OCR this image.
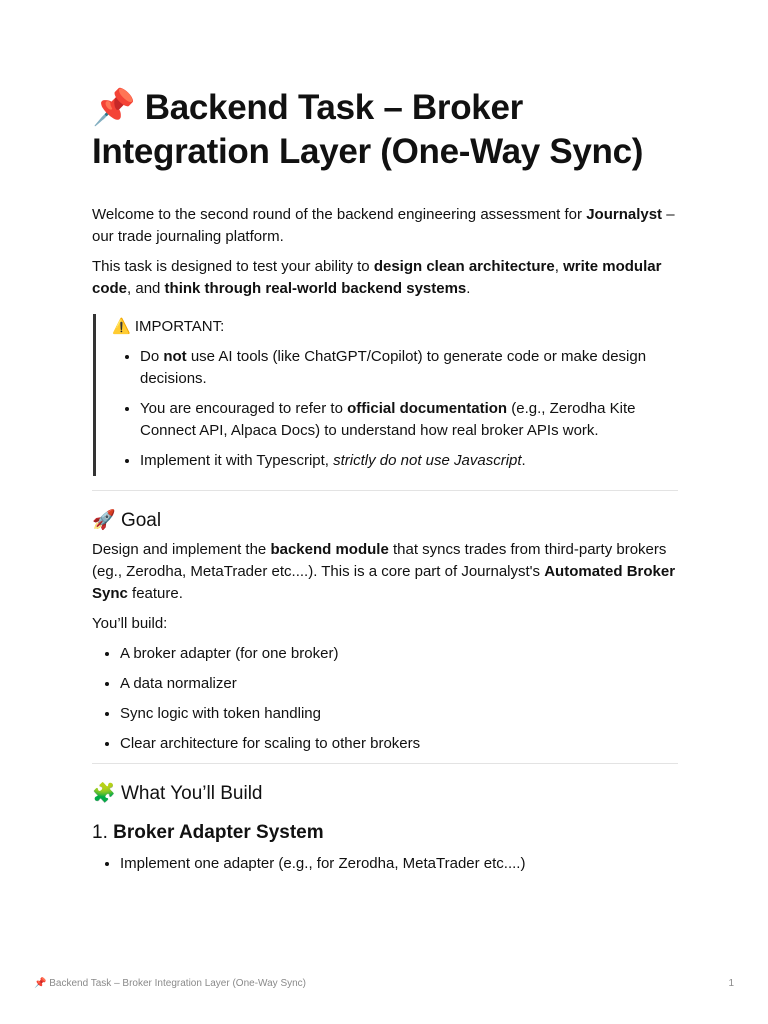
📌 Backend Task – Broker Integration Layer (One-Way Sync)

Welcome to the second round of the backend engineering assessment for Journalyst – our trade journaling platform.

This task is designed to test your ability to design clean architecture, write modular code, and think through real-world backend systems.

⚠️ IMPORTANT:
• Do not use AI tools (like ChatGPT/Copilot) to generate code or make design decisions.
• You are encouraged to refer to official documentation (e.g., Zerodha Kite Connect API, Alpaca Docs) to understand how real broker APIs work.
• Implement it with Typescript, strictly do not use Javascript.
🚀 Goal

Design and implement the backend module that syncs trades from third-party brokers (eg., Zerodha, MetaTrader etc....). This is a core part of Journalyst's Automated Broker Sync feature.

You’ll build:

• A broker adapter (for one broker)
• A data normalizer
• Sync logic with token handling
• Clear architecture for scaling to other brokers
🧩 What You’ll Build
1. Broker Adapter System
• Implement one adapter (e.g., for Zerodha, MetaTrader etc....)
📌 Backend Task – Broker Integration Layer (One-Way Sync)	1
